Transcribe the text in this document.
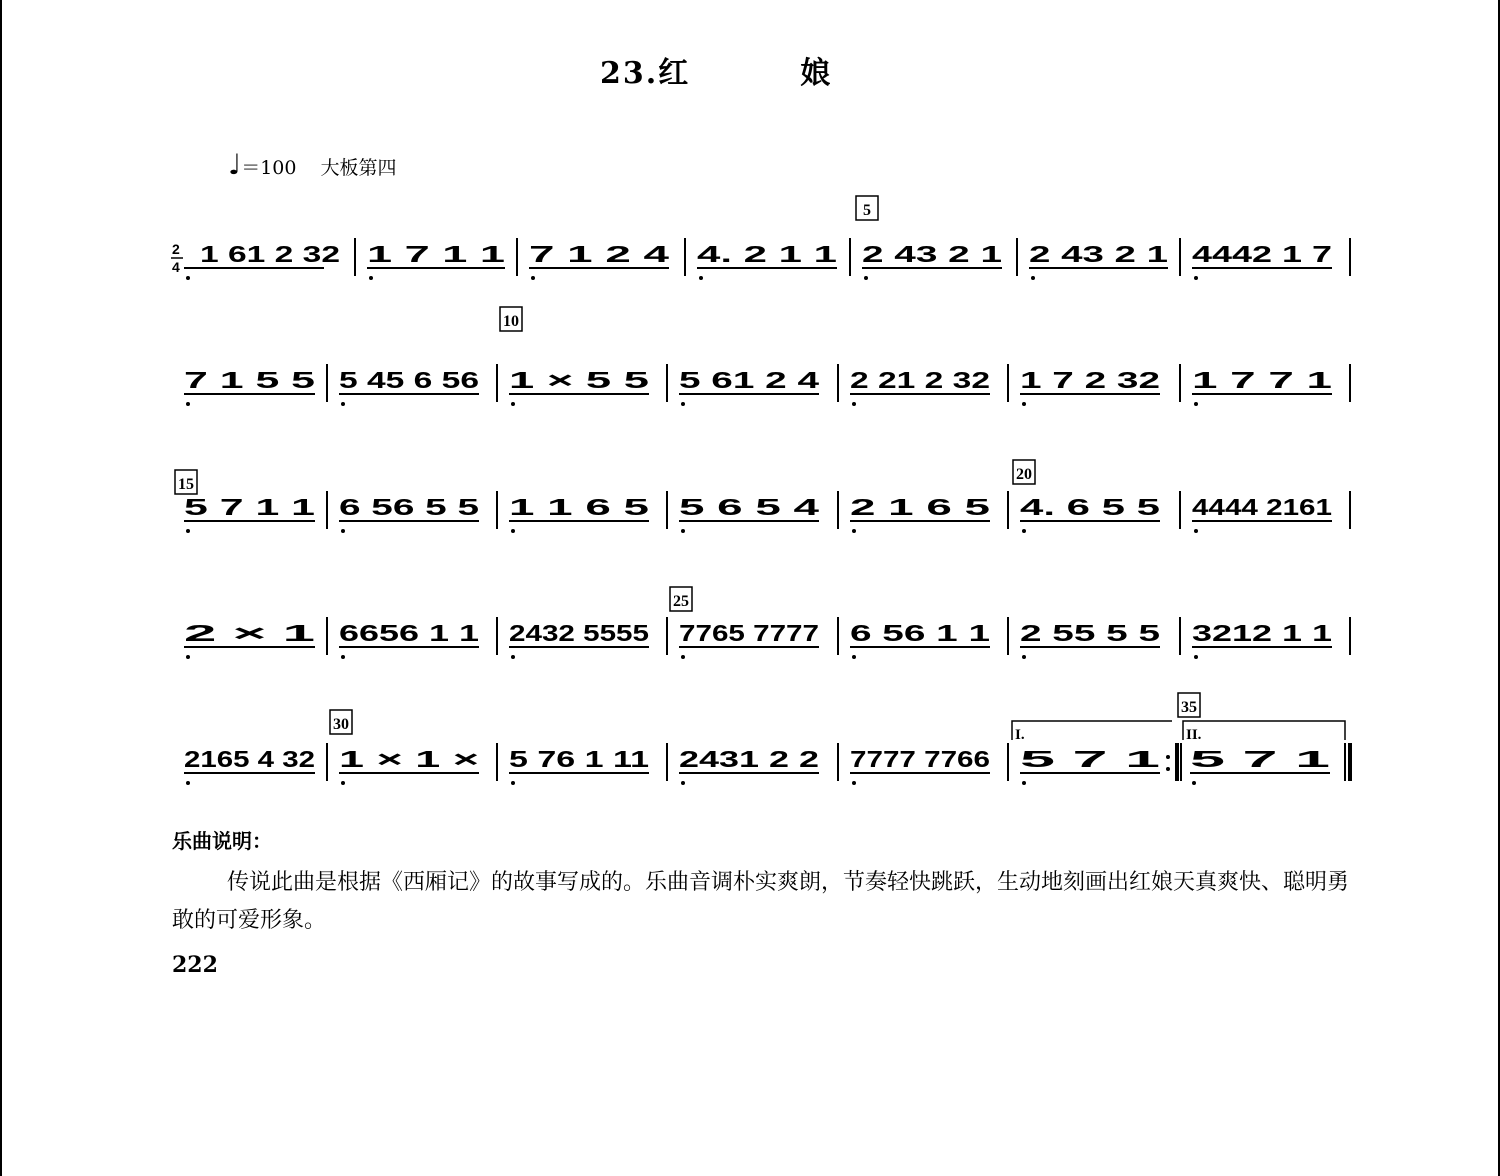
23.红	娘
♩＝100 大板第四
1 61 2 32 1 7 1 1 7 1 2 4 4. 2 1 1 2 43 2 1 2 43 2 1 4442 1 7
7 1 5 5 5 45 6 56 1 × 5 5 5 61 2 4 2 21 2 32 1 7 2 32 1 7 7 1
5 7 1 1 6 56 5 5 1 1 6 5 5 6 5 4 2 1 6 5 4. 6 5 5 4444 2161
2 × 1 6656 1 1 2432 5555 7765 7777 6 56 1 1 2 55 5 5 3212 1 1
2165 4 32 1 × 1 × 5 76 1 11 2431 2 2 7777 7766 5 7 1 5 7 1
2
4
5
10
15
20
25
30
35
I.	II.
乐曲说明：
传说此曲是根据《西厢记》的故事写成的。乐曲音调朴实爽朗，节奏轻快跳跃，生动地刻画出红娘天真爽快、聪明勇敢的可爱形象。
222
